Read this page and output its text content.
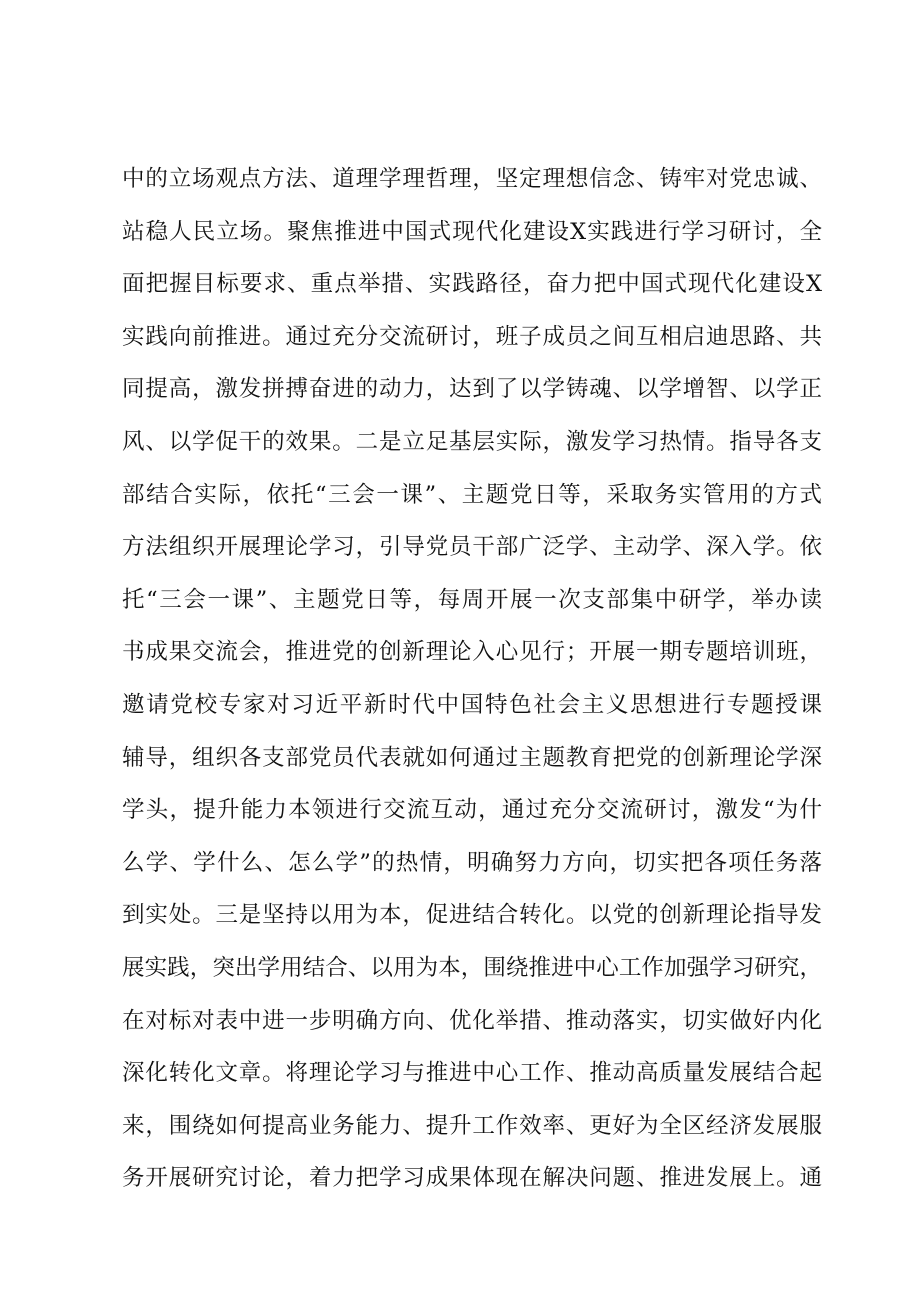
中的立场观点方法、道理学理哲理，坚定理想信念、铸牢对党忠诚、
站稳人民立场。聚焦推进中国式现代化建设X实践进行学习研讨，全
面把握目标要求、重点举措、实践路径，奋力把中国式现代化建设X
实践向前推进。通过充分交流研讨，班子成员之间互相启迪思路、共
同提高，激发拼搏奋进的动力，达到了以学铸魂、以学增智、以学正
风、以学促干的效果。二是立足基层实际，激发学习热情。指导各支
部结合实际，依托“三会一课”、主题党日等，采取务实管用的方式
方法组织开展理论学习，引导党员干部广泛学、主动学、深入学。依
托“三会一课”、主题党日等，每周开展一次支部集中研学，举办读
书成果交流会，推进党的创新理论入心见行；开展一期专题培训班，
邀请党校专家对习近平新时代中国特色社会主义思想进行专题授课
辅导，组织各支部党员代表就如何通过主题教育把党的创新理论学深
学头，提升能力本领进行交流互动，通过充分交流研讨，激发“为什
么学、学什么、怎么学”的热情，明确努力方向，切实把各项任务落
到实处。三是坚持以用为本，促进结合转化。以党的创新理论指导发
展实践，突出学用结合、以用为本，围绕推进中心工作加强学习研究，
在对标对表中进一步明确方向、优化举措、推动落实，切实做好内化
深化转化文章。将理论学习与推进中心工作、推动高质量发展结合起
来，围绕如何提高业务能力、提升工作效率、更好为全区经济发展服
务开展研究讨论，着力把学习成果体现在解决问题、推进发展上。通
